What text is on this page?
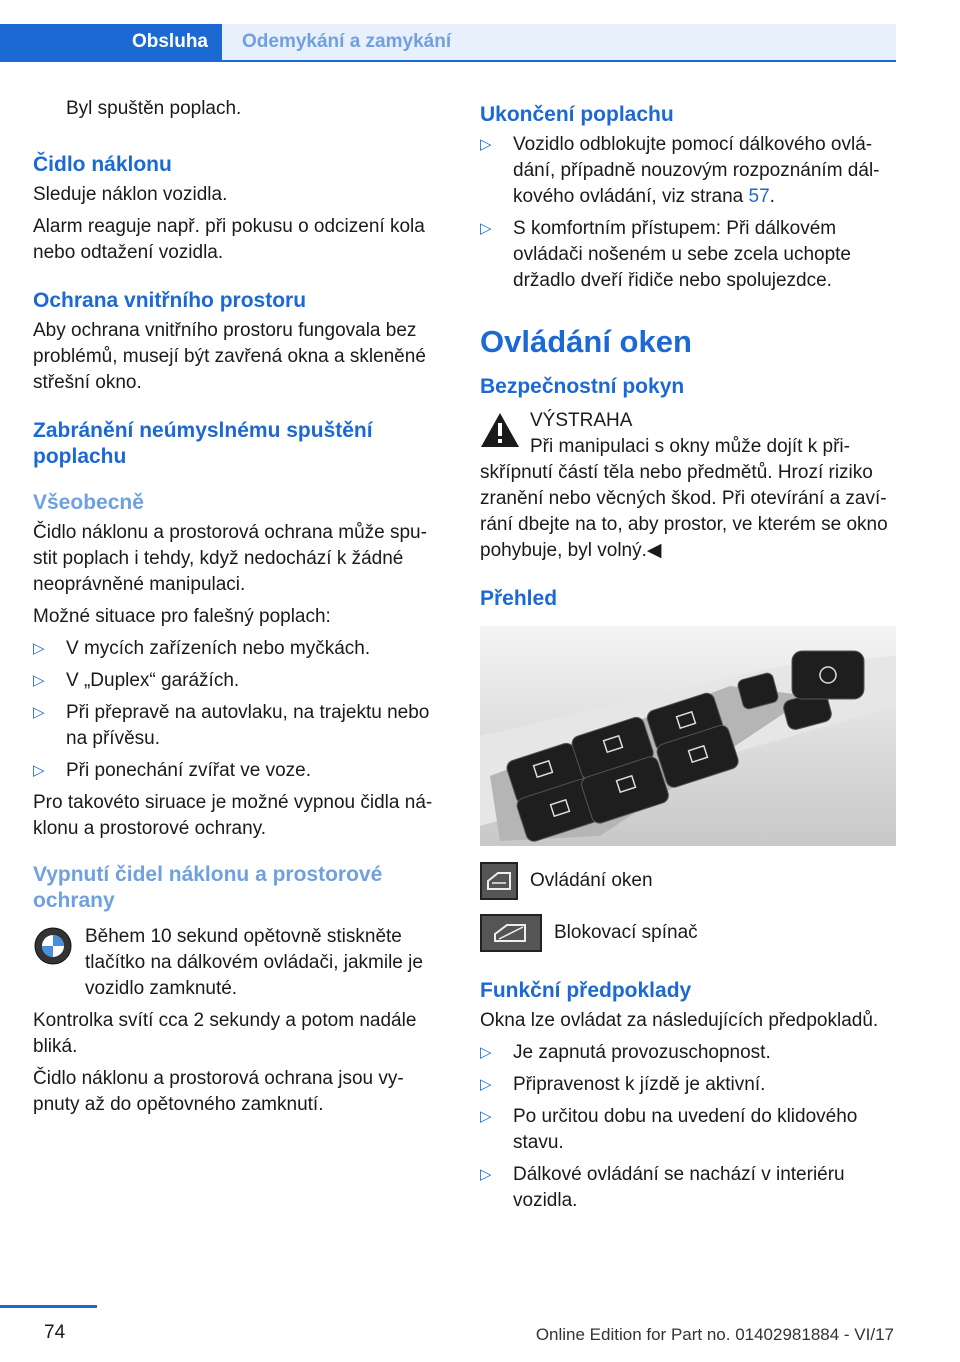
Obsluha	Odemykání a zamykání

Byl spuštěn poplach.

Čidlo náklonu

Sleduje náklon vozidla.

Alarm reaguje např. při pokusu o odcizení kola nebo odtažení vozidla.

Ochrana vnitřního prostoru

Aby ochrana vnitřního prostoru fungovala bez problémů, musejí být zavřená okna a skleněné střešní okno.

Zabránění neúmyslnému spuštění poplachu
Všeobecně

Čidlo náklonu a prostorová ochrana může spu‐ stit poplach i tehdy, když nedochází k žádné neoprávněné manipulaci.

Možné situace pro falešný poplach:

▷ V mycích zařízeních nebo myčkách.
▷ V „Duplex“ garážích.
▷ Při přepravě na autovlaku, na trajektu nebo na přívěsu.
▷ Při ponechání zvířat ve voze.

Pro takovéto siruace je možné vypnou čidla ná‐ klonu a prostorové ochrany.

Vypnutí čidel náklonu a prostorové ochrany

Během 10 sekund opětovně stiskněte tlačítko na dálkovém ovládači, jakmile je vozidlo zamknuté.

Kontrolka svítí cca 2 sekundy a potom nadále bliká.

Čidlo náklonu a prostorová ochrana jsou vy‐ pnuty až do opětovného zamknutí.

Ukončení poplachu
▷ Vozidlo odblokujte pomocí dálkového ovlá‐ dání, případně nouzovým rozpoznáním dál‐ kového ovládání, viz strana 57.
▷ S komfortním přístupem: Při dálkovém ovládači nošeném u sebe zcela uchopte držadlo dveří řidiče nebo spolujezdce.
Ovládání oken
Bezpečnostní pokyn

VÝSTRAHA

Při manipulaci s okny může dojít k při‐ skřípnutí částí těla nebo předmětů. Hrozí riziko zranění nebo věcných škod. Při otevírání a zaví‐ rání dbejte na to, aby prostor, ve kterém se okno pohybuje, byl volný.◀

Přehled
Ovládání oken
Blokovací spínač
Funkční předpoklady

Okna lze ovládat za následujících předpokladů.

▷ Je zapnutá provozuschopnost.
▷ Připravenost k jízdě je aktivní.
▷ Po určitou dobu na uvedení do klidového stavu.
▷ Dálkové ovládání se nachází v interiéru vozidla.
74	Online Edition for Part no. 01402981884 - VI/17
